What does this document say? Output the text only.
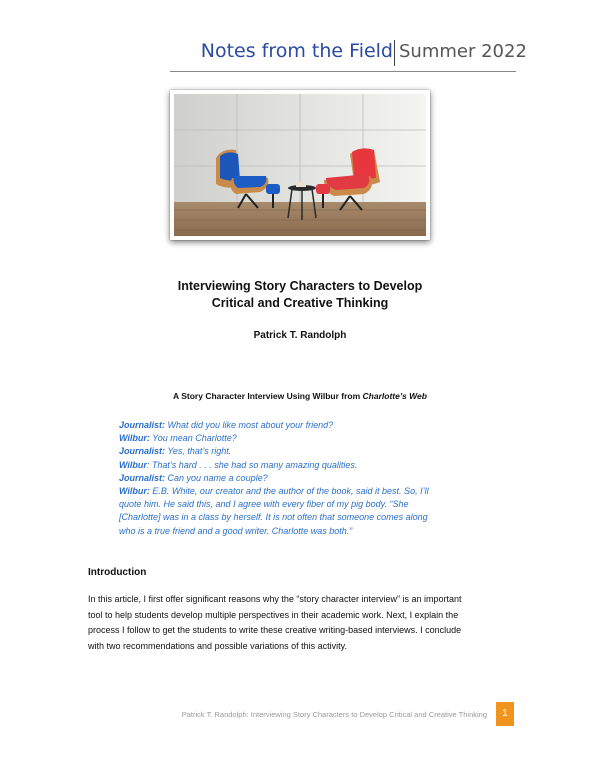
Notes from the Field Summer 2022
Interviewing Story Characters to Develop
Critical and Creative Thinking
Patrick T. Randolph
A Story Character Interview Using Wilbur from Charlotte’s Web
Journalist: What did you like most about your friend?
Wilbur: You mean Charlotte?
Journalist: Yes, that’s right.
Wilbur: That’s hard . . . she had so many amazing qualities.
Journalist: Can you name a couple?
Wilbur: E.B. White, our creator and the author of the book, said it best. So, I’ll
quote him. He said this, and I agree with every fiber of my pig body. “She
[Charlotte] was in a class by herself. It is not often that someone comes along
who is a true friend and a good writer. Charlotte was both.”
Introduction
In this article, I first offer significant reasons why the “story character interview” is an important
tool to help students develop multiple perspectives in their academic work. Next, I explain the
process I follow to get the students to write these creative writing-based interviews. I conclude
with two recommendations and possible variations of this activity.
Patrick T. Randolph: Interviewing Story Characters to Develop Critical and Creative Thinking	1
